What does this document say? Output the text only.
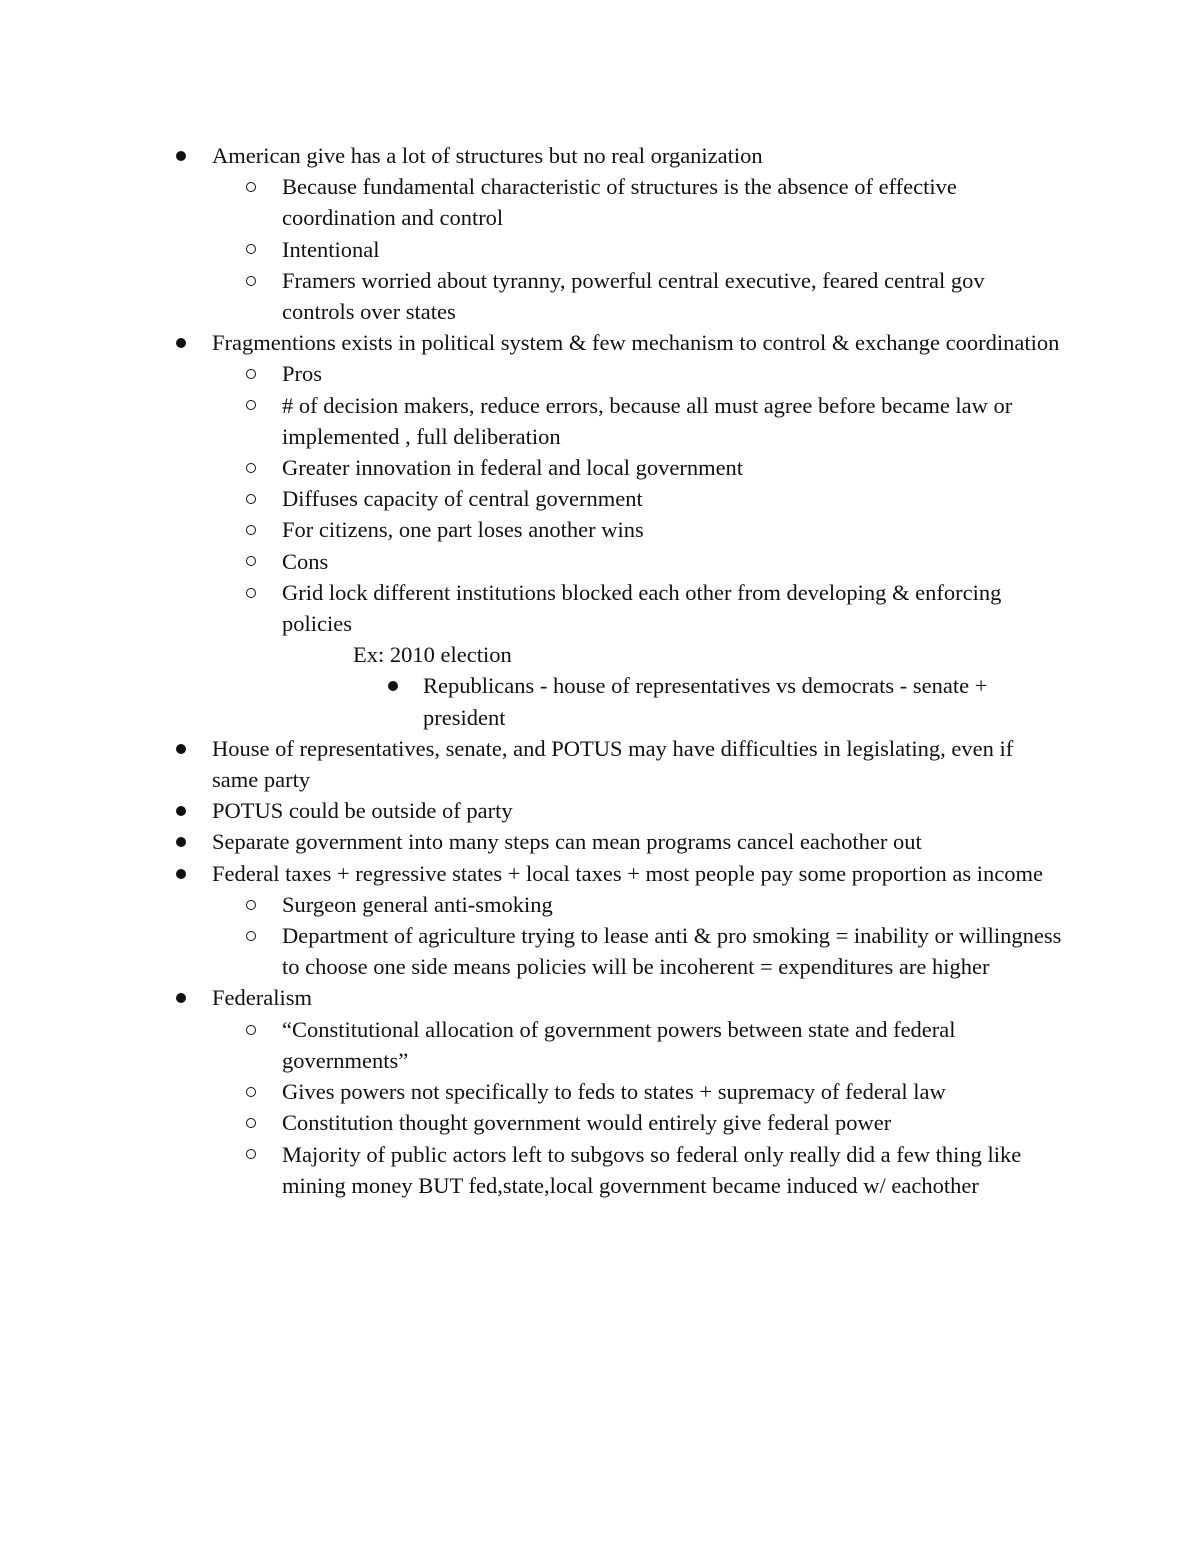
American give has a lot of structures but no real organization
Because fundamental characteristic of structures is the absence of effective coordination and control
Intentional
Framers worried about tyranny, powerful central executive, feared central gov controls over states
Fragmentions exists in political system & few mechanism to control & exchange coordination
Pros
# of decision makers, reduce errors, because all must agree before became law or implemented , full deliberation
Greater innovation in federal and local government
Diffuses capacity of central government
For citizens, one part loses another wins
Cons
Grid lock different institutions blocked each other from developing & enforcing policies
Ex: 2010 election
Republicans - house of representatives vs democrats - senate + president
House of representatives, senate, and POTUS may have difficulties in legislating, even if same party
POTUS could be outside of party
Separate government into many steps can mean programs cancel eachother out
Federal taxes + regressive states + local taxes + most people pay some proportion as income
Surgeon general anti-smoking
Department of agriculture trying to lease anti & pro smoking = inability or willingness to choose one side means policies will be incoherent = expenditures are higher
Federalism
“Constitutional allocation of government powers between state and federal governments”
Gives powers not specifically to feds to states + supremacy of federal law
Constitution thought government would entirely give federal power
Majority of public actors left to subgovs so federal only really did a few thing like mining money BUT fed,state,local government became induced w/ eachother
